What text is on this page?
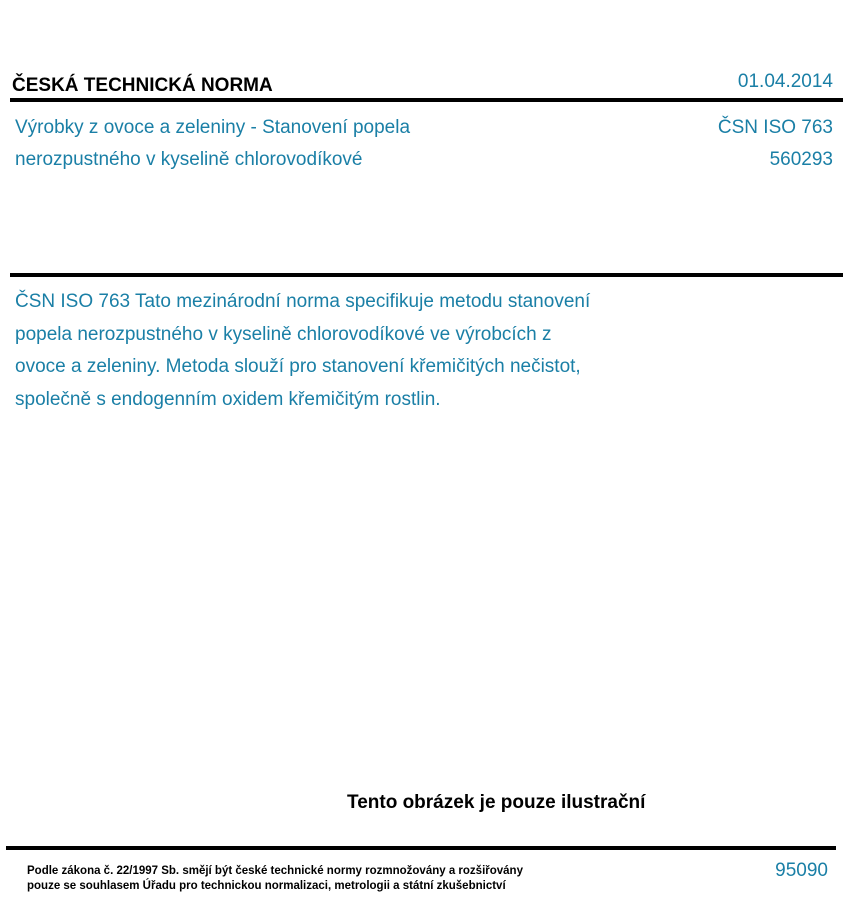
ČESKÁ TECHNICKÁ NORMA	01.04.2014
Výrobky z ovoce a zeleniny - Stanovení popela
nerozpustného v kyselině chlorovodíkové
ČSN ISO 763
560293
ČSN ISO 763 Tato mezinárodní norma specifikuje metodu stanovení
popela nerozpustného v kyselině chlorovodíkové ve výrobcích z
ovoce a zeleniny. Metoda slouží pro stanovení křemičitých nečistot,
společně s endogenním oxidem křemičitým rostlin.
Tento obrázek je pouze ilustrační
Podle zákona č. 22/1997 Sb. smějí být české technické normy rozmnožovány a rozšiřovány
pouze se souhlasem Úřadu pro technickou normalizaci, metrologii a státní zkušebnictví
95090
